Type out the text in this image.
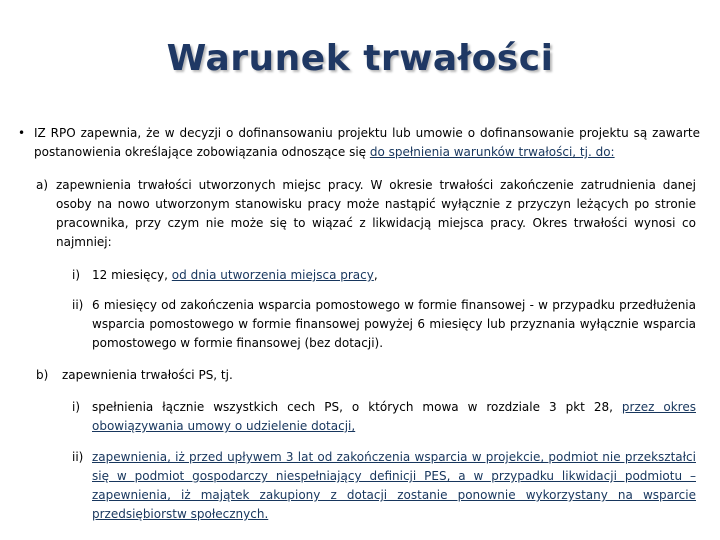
Warunek trwałości
• IZ RPO zapewnia, że w decyzji o dofinansowaniu projektu lub umowie o dofinansowanie projektu są zawarte postanowienia określające zobowiązania odnoszące się do spełnienia warunków trwałości, tj. do:
a) zapewnienia trwałości utworzonych miejsc pracy. W okresie trwałości zakończenie zatrudnienia danej osoby na nowo utworzonym stanowisku pracy może nastąpić wyłącznie z przyczyn leżących po stronie pracownika, przy czym nie może się to wiązać z likwidacją miejsca pracy. Okres trwałości wynosi co najmniej:
i) 12 miesięcy, od dnia utworzenia miejsca pracy,
ii) 6 miesięcy od zakończenia wsparcia pomostowego w formie finansowej - w przypadku przedłużenia wsparcia pomostowego w formie finansowej powyżej 6 miesięcy lub przyznania wyłącznie wsparcia pomostowego w formie finansowej (bez dotacji).
b) zapewnienia trwałości PS, tj.
i) spełnienia łącznie wszystkich cech PS, o których mowa w rozdziale 3 pkt 28, przez okres obowiązywania umowy o udzielenie dotacji,
ii) zapewnienia, iż przed upływem 3 lat od zakończenia wsparcia w projekcie, podmiot nie przekształci się w podmiot gospodarczy niespełniający definicji PES, a w przypadku likwidacji podmiotu – zapewnienia, iż majątek zakupiony z dotacji zostanie ponownie wykorzystany na wsparcie przedsiębiorstw społecznych.
